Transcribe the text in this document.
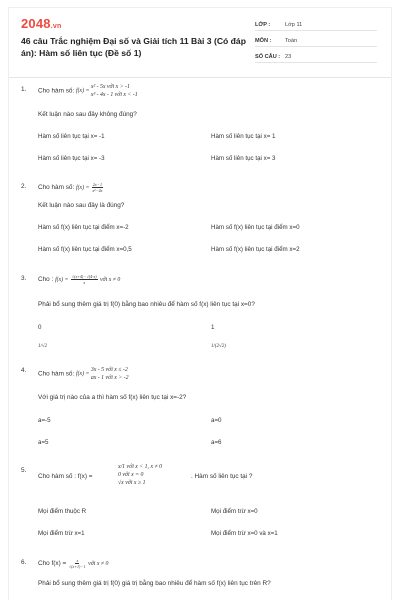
2048.vn
46 câu Trắc nghiệm Đại số và Giải tích 11 Bài 3 (Có đáp án): Hàm số liên tục (Đề số 1)
LỚP :	Lớp 11
MÔN :	Toán
SỐ CÂU : 23
1.	Cho hàm số: f(x) =
x² - 5x với x > -1
x³ - 4x - 1 với x < -1
Kết luận nào sau đây không đúng?
Hàm số liên tục tại x= -1	Hàm số liên tục tại x= 1
Hàm số liên tục tại x= -3	Hàm số liên tục tại x= 3
2.	Cho hàm số: $f(x) = \frac{2x - 1}{\text{x³ - 4x}}$
Kết luận nào sau đây là đúng?
Hàm số f(x) liên tục tại điểm x=-2	Hàm số f(x) liên tục tại điểm x=0
Hàm số f(x) liên tục tại điểm x=0,5	Hàm số f(x) liên tục tại điểm x=2
3.	Cho : $f(x) = \frac{√(x+4) - √(4-x)}{x}$ với x ≠ 0
Phải bổ sung thêm giá trị f(0) bằng bao nhiêu để hàm số f(x) liên tục tại x=0?
0	1
1/√2	1/(2√2)
4.	Cho hàm số: f(x) =
3x - 5 với x ≤ -2
ax - 1 với x > -2
Với giá trị nào của a thì hàm số f(x) liên tục tại x=-2?
a=-5	a=0
a=5	a=6
5.
Cho hàm số : f(x) =
x/1 với x < 1, x ≠ 0
0 với x = 0
√x với x ≥ 1
. Hàm số liên tục tại ?
Mọi điểm thuộc R	Mọi điểm trừ x=0
Mọi điểm trừ x=1	Mọi điểm trừ x=0 và x=1
6.	Cho $f(x) = \frac{x}{√(x+1) - 1}$ với x ≠ 0
Phải bổ sung thêm giá trị f(0) giá trị bằng bao nhiêu để hàm số f(x) liên tục trên R?
